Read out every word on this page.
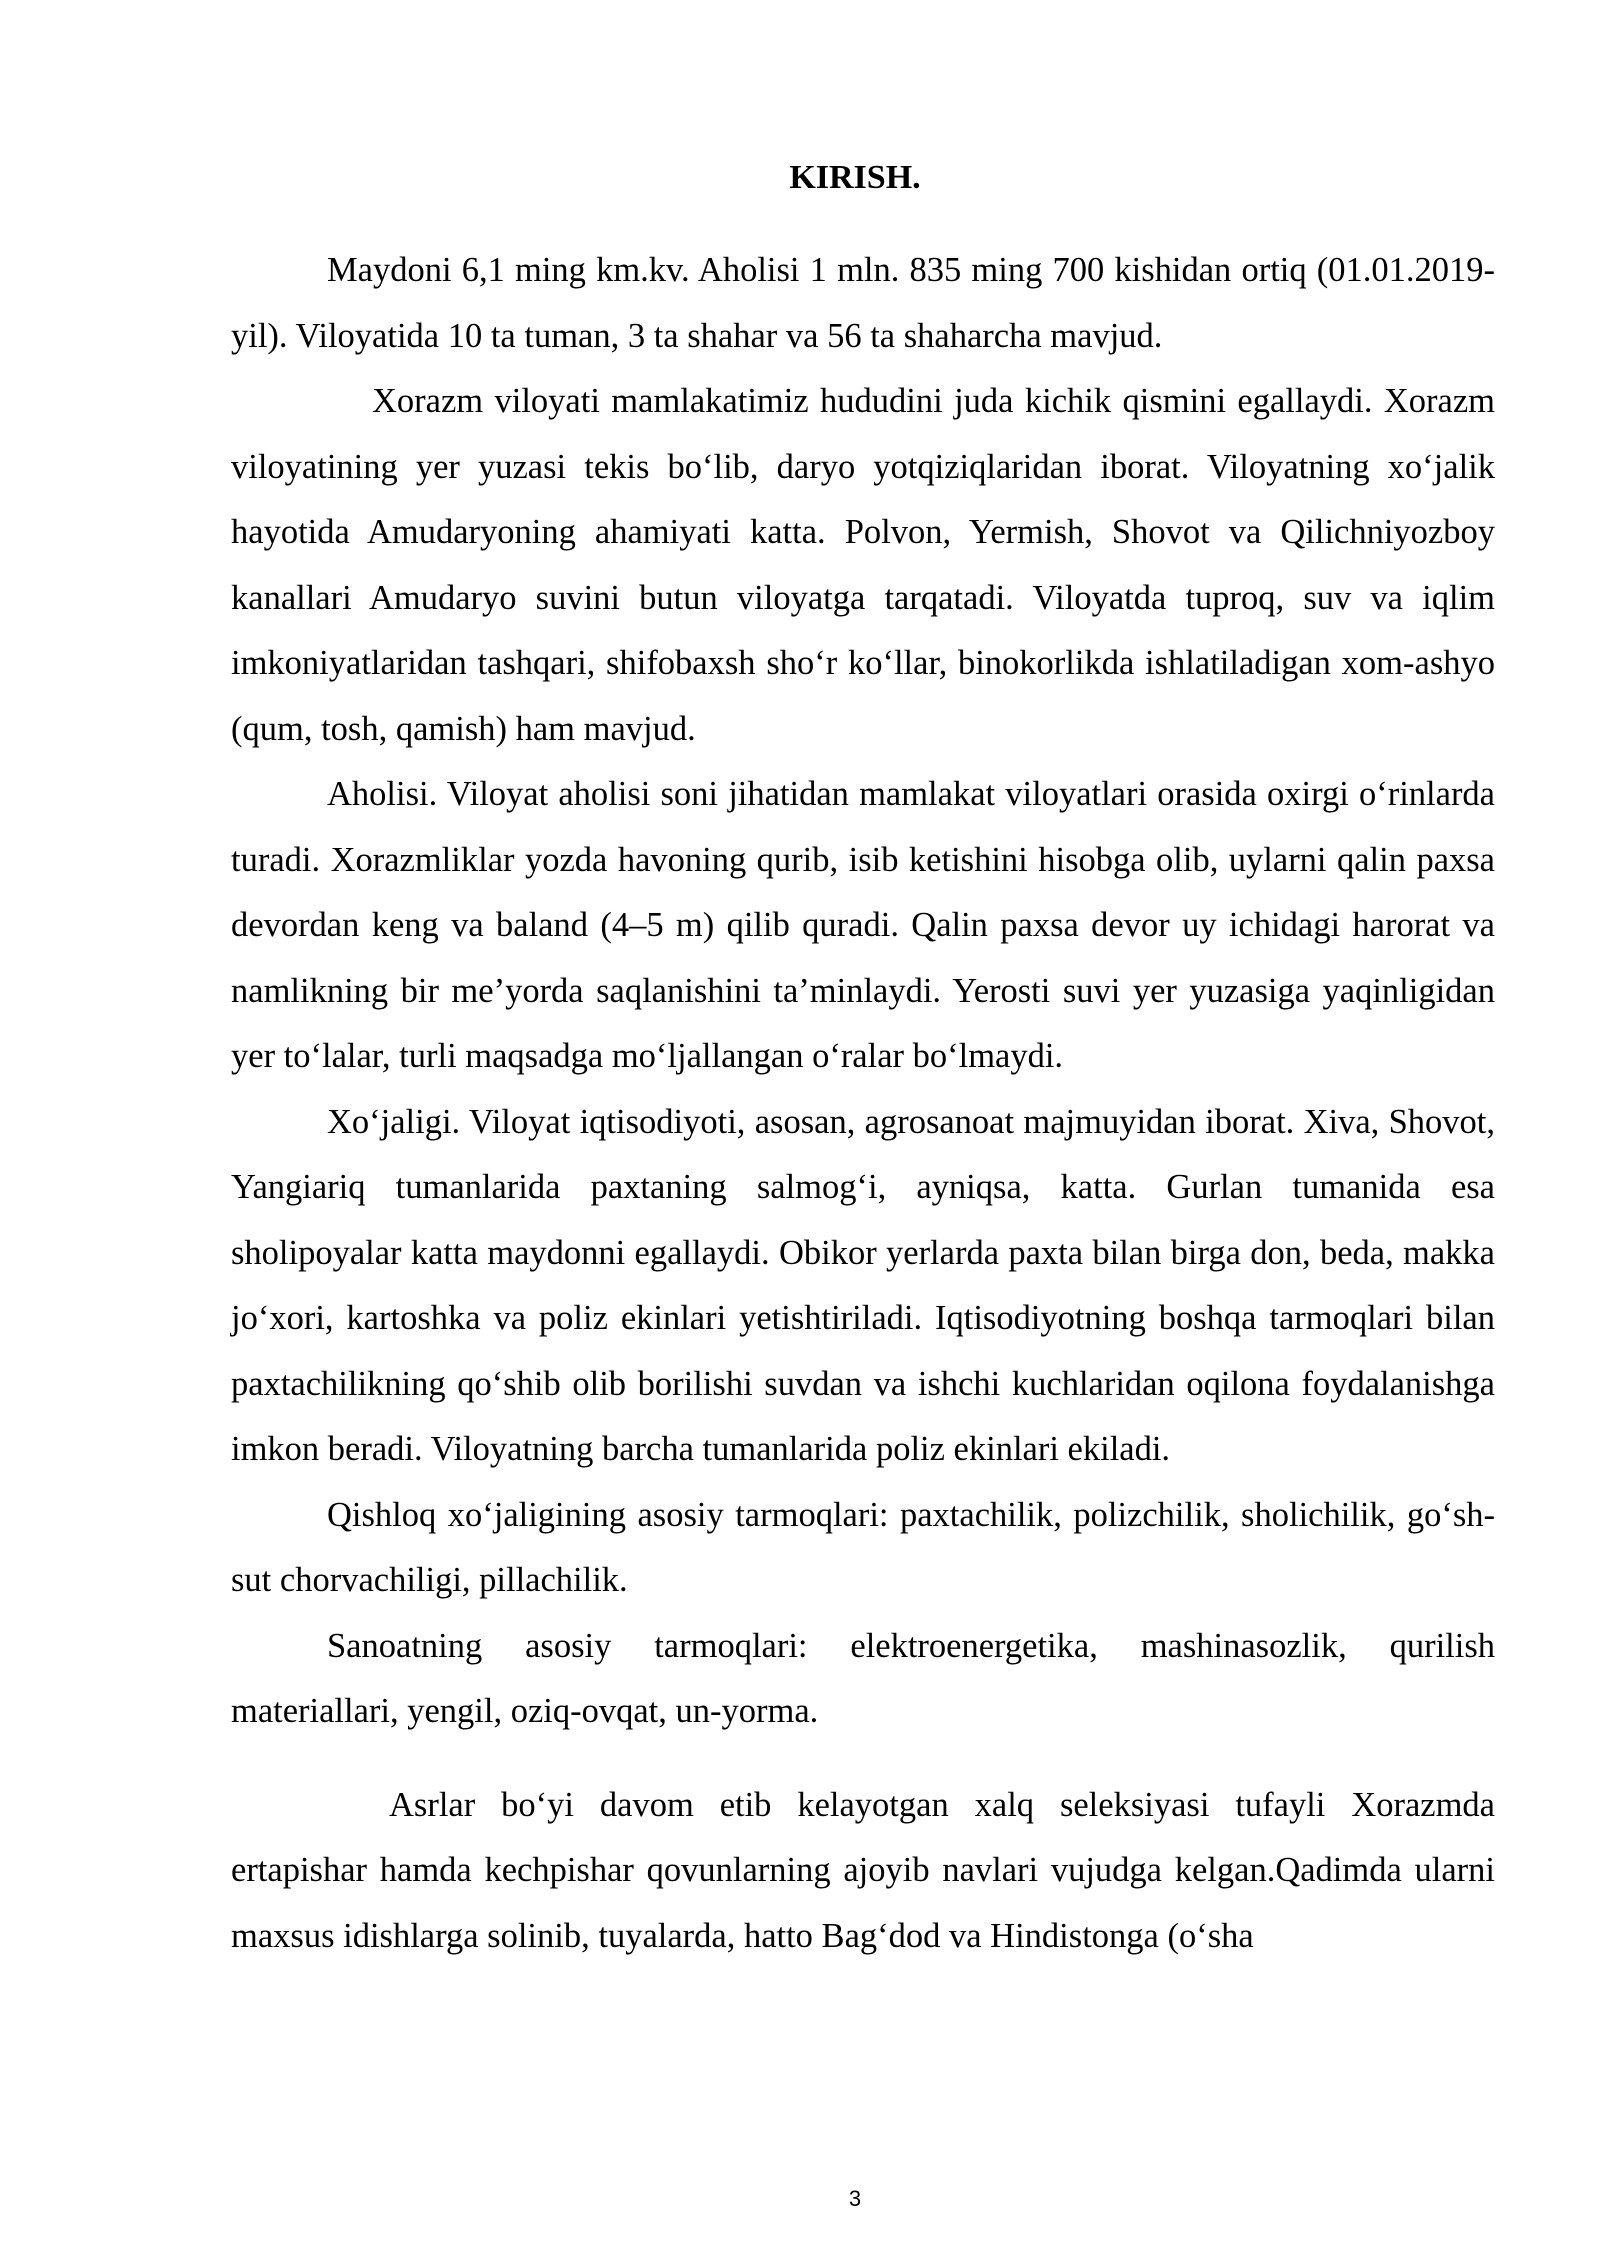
KIRISH.

Maydoni 6,1 ming km.kv. Aholisi 1 mln. 835 ming 700 kishidan ortiq (01.01.2019-yil). Viloyatida 10 ta tuman, 3 ta shahar va 56 ta shaharcha mavjud.

Xorazm viloyati mamlakatimiz hududini juda kichik qismini egallaydi. Xorazm viloyatining yer yuzasi tekis bo‘lib, daryo yotqiziqlaridan iborat. Viloyatning xo‘jalik hayotida Amudaryoning ahamiyati katta. Polvon, Yermish, Shovot va Qilichniyozboy kanallari Amudaryo suvini butun viloyatga tarqatadi. Viloyatda tuproq, suv va iqlim imkoniyatlaridan tashqari, shifobaxsh sho‘r ko‘llar, binokorlikda ishlatiladigan xom-ashyo (qum, tosh, qamish) ham mavjud.

Aholisi. Viloyat aholisi soni jihatidan mamlakat viloyatlari orasida oxirgi o‘rinlarda turadi. Xorazmliklar yozda havoning qurib, isib ketishini hisobga olib, uylarni qalin paxsa devordan keng va baland (4–5 m) qilib quradi. Qalin paxsa devor uy ichidagi harorat va namlikning bir me’yorda saqlanishini ta’minlaydi. Yerosti suvi yer yuzasiga yaqinligidan yer to‘lalar, turli maqsadga mo‘ljallangan o‘ralar bo‘lmaydi.

Xo‘jaligi. Viloyat iqtisodiyoti, asosan, agrosanoat majmuyidan iborat. Xiva, Shovot, Yangiariq tumanlarida paxtaning salmog‘i, ayniqsa, katta. Gurlan tumanida esa sholipoyalar katta maydonni egallaydi. Obikor yerlarda paxta bilan birga don, beda, makka jo‘xori, kartoshka va poliz ekinlari yetishtiriladi. Iqtisodiyotning boshqa tarmoqlari bilan paxtachilikning qo‘shib olib borilishi suvdan va ishchi kuchlaridan oqilona foydalanishga imkon beradi. Viloyatning barcha tumanlarida poliz ekinlari ekiladi.

Qishloq xo‘jaligining asosiy tarmoqlari: paxtachilik, polizchilik, sholichilik, go‘sh-sut chorvachiligi, pillachilik.

Sanoatning asosiy tarmoqlari: elektroenergetika, mashinasozlik, qurilish materiallari, yengil, oziq-ovqat, un-yorma.

Asrlar bo‘yi davom etib kelayotgan xalq seleksiyasi tufayli Xorazmda ertapishar hamda kechpishar qovunlarning ajoyib navlari vujudga kelgan.Qadimda ularni maxsus idishlarga solinib, tuyalarda, hatto Bag‘dod va Hindistonga (o‘sha

3
